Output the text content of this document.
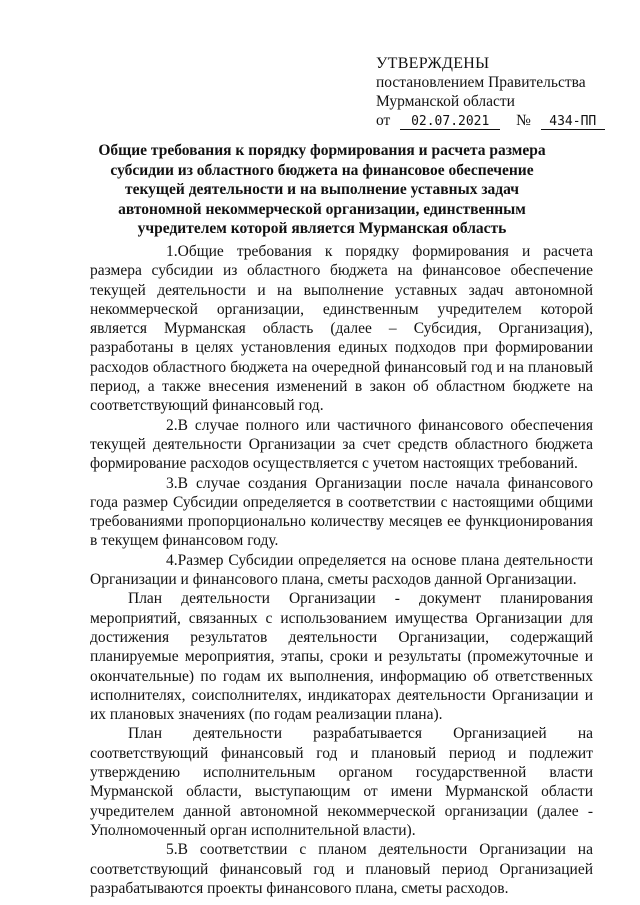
УТВЕРЖДЕНЫ
постановлением Правительства
Мурманской области
от 02.07.2021 № 434-ПП
Общие требования к порядку формирования и расчета размера субсидии из областного бюджета на финансовое обеспечение текущей деятельности и на выполнение уставных задач автономной некоммерческой организации, единственным учредителем которой является Мурманская область

1.Общие требования к порядку формирования и расчета размера субсидии из областного бюджета на финансовое обеспечение текущей деятельности и на выполнение уставных задач автономной некоммерческой организации, единственным учредителем которой является Мурманская область (далее – Субсидия, Организация), разработаны в целях установления единых подходов при формировании расходов областного бюджета на очередной финансовый год и на плановый период, а также внесения изменений в закон об областном бюджете на соответствующий финансовый год.

2.В случае полного или частичного финансового обеспечения текущей деятельности Организации за счет средств областного бюджета формирование расходов осуществляется с учетом настоящих требований.

3.В случае создания Организации после начала финансового года размер Субсидии определяется в соответствии с настоящими общими требованиями пропорционально количеству месяцев ее функционирования в текущем финансовом году.

4.Размер Субсидии определяется на основе плана деятельности Организации и финансового плана, сметы расходов данной Организации.

План деятельности Организации - документ планирования мероприятий, связанных с использованием имущества Организации для достижения результатов деятельности Организации, содержащий планируемые мероприятия, этапы, сроки и результаты (промежуточные и окончательные) по годам их выполнения, информацию об ответственных исполнителях, соисполнителях, индикаторах деятельности Организации и их плановых значениях (по годам реализации плана).

План деятельности разрабатывается Организацией на соответствующий финансовый год и плановый период и подлежит утверждению исполнительным органом государственной власти Мурманской области, выступающим от имени Мурманской области учредителем данной автономной некоммерческой организации (далее - Уполномоченный орган исполнительной власти).

5.В соответствии с планом деятельности Организации на соответствующий финансовый год и плановый период Организацией разрабатываются проекты финансового плана, сметы расходов.
